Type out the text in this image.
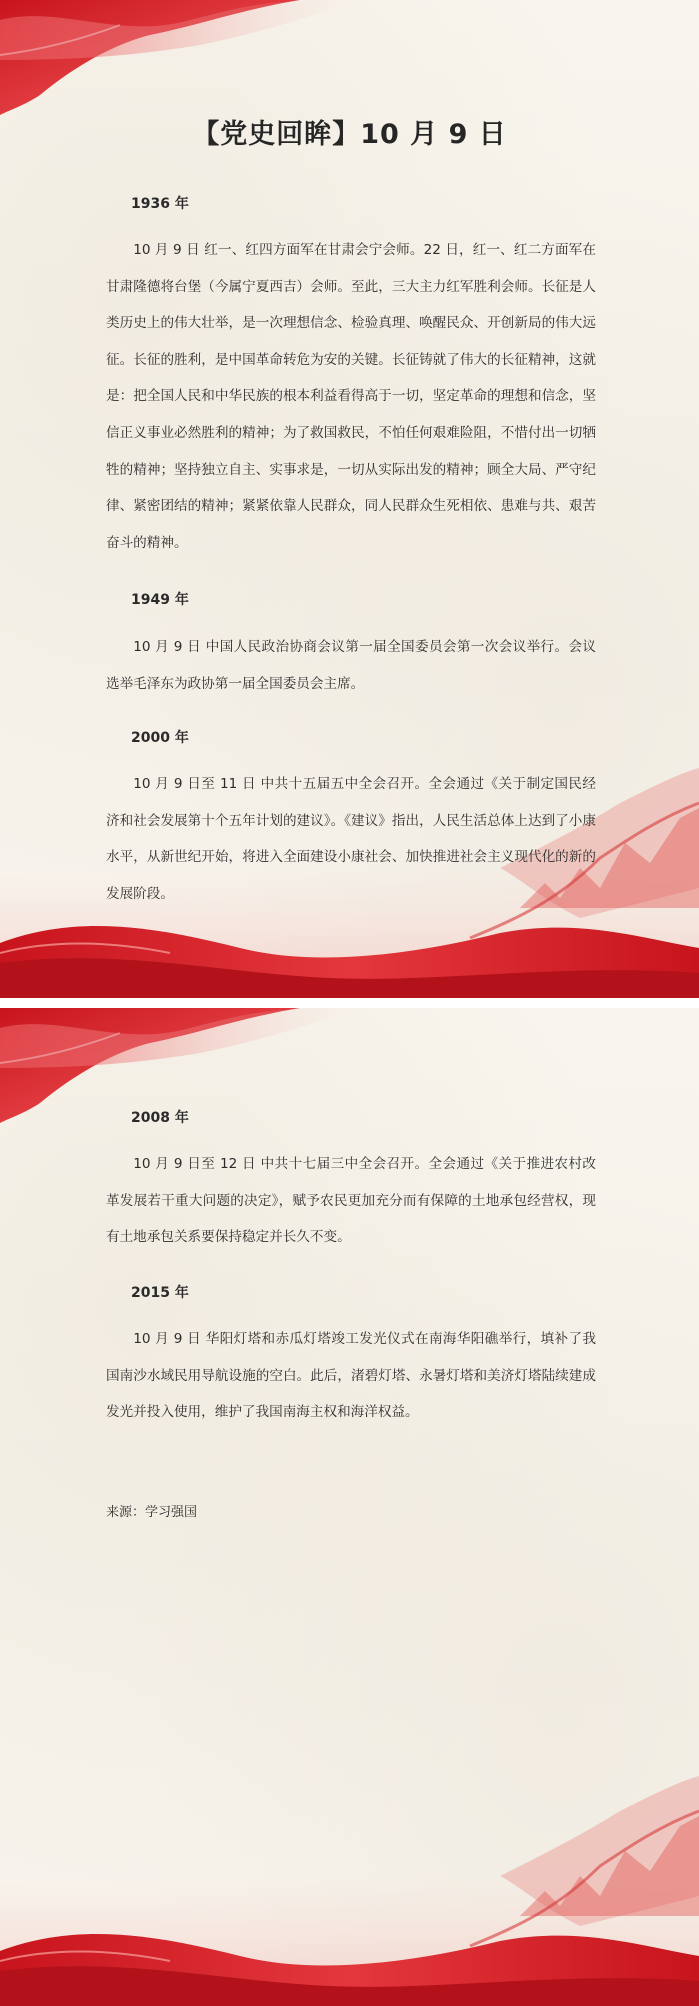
【党史回眸】10 月 9 日
1936 年
10 月 9 日 红一、红四方面军在甘肃会宁会师。22 日，红一、红二方面军在甘肃隆德将台堡（今属宁夏西吉）会师。至此，三大主力红军胜利会师。长征是人类历史上的伟大壮举，是一次理想信念、检验真理、唤醒民众、开创新局的伟大远征。长征的胜利，是中国革命转危为安的关键。长征铸就了伟大的长征精神，这就是：把全国人民和中华民族的根本利益看得高于一切，坚定革命的理想和信念，坚信正义事业必然胜利的精神；为了救国救民，不怕任何艰难险阻，不惜付出一切牺牲的精神；坚持独立自主、实事求是，一切从实际出发的精神；顾全大局、严守纪律、紧密团结的精神；紧紧依靠人民群众，同人民群众生死相依、患难与共、艰苦奋斗的精神。
1949 年
10 月 9 日 中国人民政治协商会议第一届全国委员会第一次会议举行。会议选举毛泽东为政协第一届全国委员会主席。
2000 年
10 月 9 日至 11 日 中共十五届五中全会召开。全会通过《关于制定国民经济和社会发展第十个五年计划的建议》。《建议》指出，人民生活总体上达到了小康水平，从新世纪开始，将进入全面建设小康社会、加快推进社会主义现代化的新的发展阶段。
2008 年
10 月 9 日至 12 日 中共十七届三中全会召开。全会通过《关于推进农村改革发展若干重大问题的决定》，赋予农民更加充分而有保障的土地承包经营权，现有土地承包关系要保持稳定并长久不变。
2015 年
10 月 9 日 华阳灯塔和赤瓜灯塔竣工发光仪式在南海华阳礁举行，填补了我国南沙水域民用导航设施的空白。此后，渚碧灯塔、永暑灯塔和美济灯塔陆续建成发光并投入使用，维护了我国南海主权和海洋权益。
来源：学习强国
